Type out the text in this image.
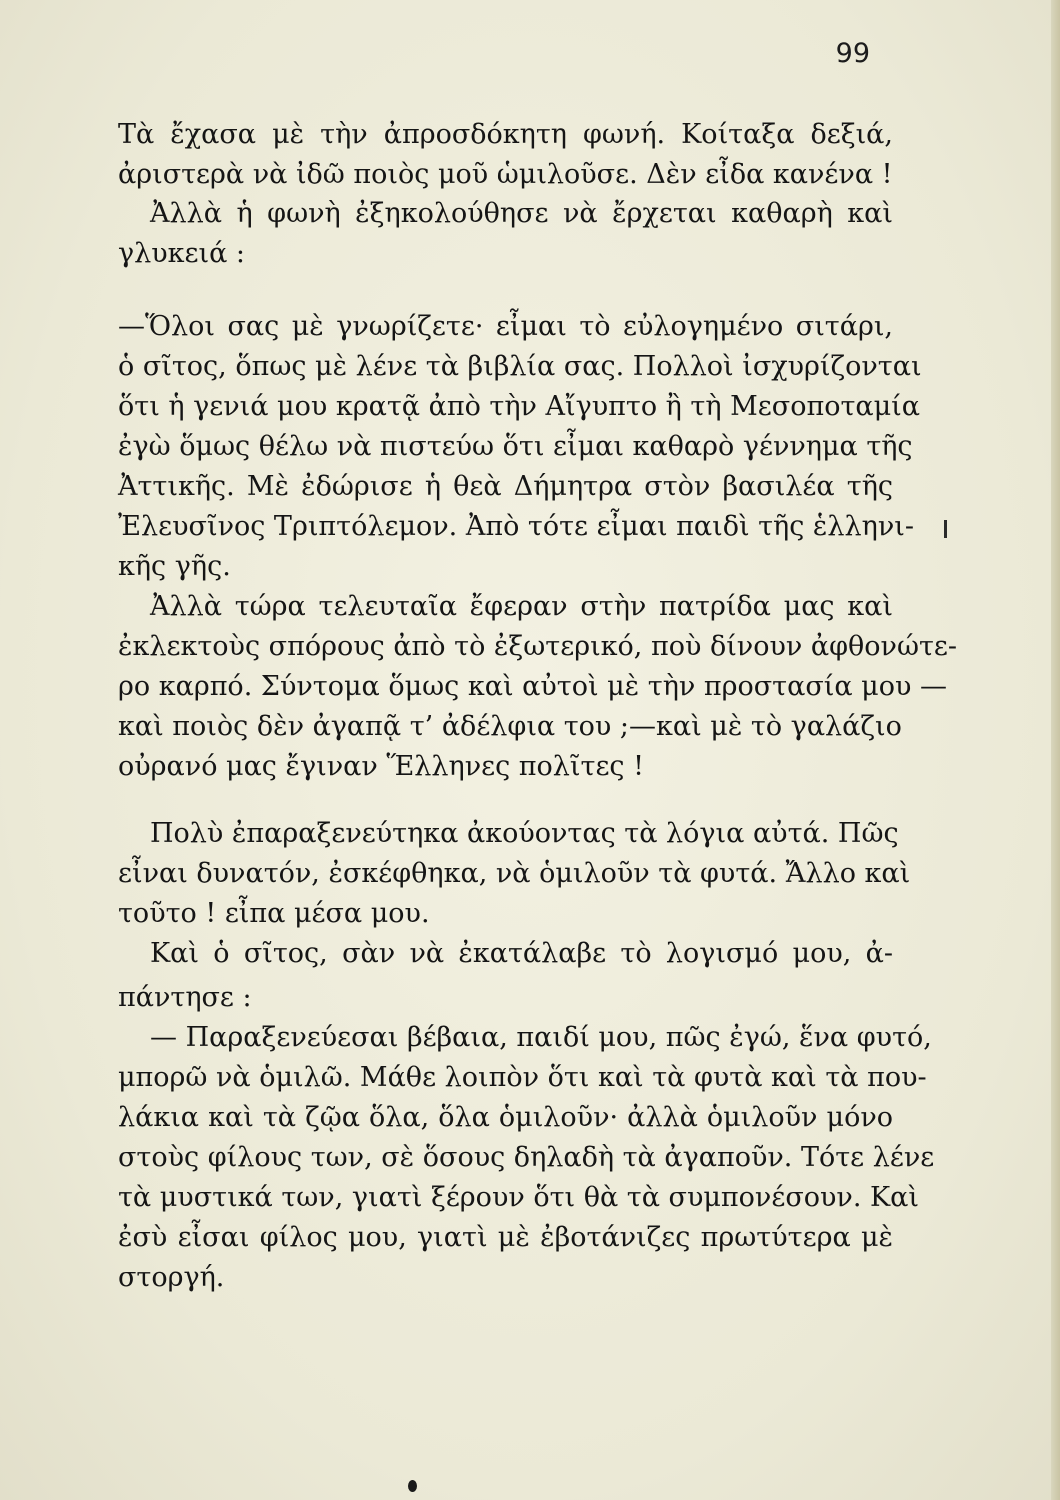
99

Τὰ ἔχασα μὲ τὴν ἀπροσδόκητη φωνή. Κοίταξα δεξιά,

ἀριστερὰ νὰ ἰδῶ ποιὸς μοῦ ὡμιλοῦσε. Δὲν εἶδα κανένα !

Ἀλλὰ ἡ φωνὴ ἐξηκολούθησε νὰ ἔρχεται καθαρὴ καὶ

γλυκειά :

—Ὅλοι σας μὲ γνωρίζετε· εἶμαι τὸ εὐλογημένο σιτάρι,

ὁ σῖτος, ὅπως μὲ λένε τὰ βιβλία σας. Πολλοὶ ἰσχυρίζονται

ὅτι ἡ γενιά μου κρατᾷ ἀπὸ τὴν Αἴγυπτο ἢ τὴ Μεσοποταμία

ἐγὼ ὅμως θέλω νὰ πιστεύω ὅτι εἶμαι καθαρὸ γέννημα τῆς

Ἀττικῆς. Μὲ ἐδώρισε ἡ θεὰ Δήμητρα στὸν βασιλέα τῆς

Ἐλευσῖνος Τριπτόλεμον. Ἀπὸ τότε εἶμαι παιδὶ τῆς ἑλληνι-

κῆς γῆς.

Ἀλλὰ τώρα τελευταῖα ἔφεραν στὴν πατρίδα μας καὶ

ἐκλεκτοὺς σπόρους ἀπὸ τὸ ἐξωτερικό, ποὺ δίνουν ἀφθονώτε-

ρο καρπό. Σύντομα ὅμως καὶ αὐτοὶ μὲ τὴν προστασία μου —

καὶ ποιὸς δὲν ἀγαπᾷ τ’ ἀδέλφια του ;—καὶ μὲ τὸ γαλάζιο

οὐρανό μας ἔγιναν Ἕλληνες πολῖτες !

Πολὺ ἐπαραξενεύτηκα ἀκούοντας τὰ λόγια αὐτά. Πῶς

εἶναι δυνατόν, ἐσκέφθηκα, νὰ ὁμιλοῦν τὰ φυτά. Ἄλλο καὶ

τοῦτο ! εἶπα μέσα μου.

Καὶ ὁ σῖτος, σὰν νὰ ἐκατάλαβε τὸ λογισμό μου, ἀ-

πάντησε :

— Παραξενεύεσαι βέβαια, παιδί μου, πῶς ἐγώ, ἕνα φυτό,

μπορῶ νὰ ὁμιλῶ. Μάθε λοιπὸν ὅτι καὶ τὰ φυτὰ καὶ τὰ που-

λάκια καὶ τὰ ζῷα ὅλα, ὅλα ὁμιλοῦν· ἀλλὰ ὁμιλοῦν μόνο

στοὺς φίλους των, σὲ ὅσους δηλαδὴ τὰ ἀγαποῦν. Τότε λένε

τὰ μυστικά των, γιατὶ ξέρουν ὅτι θὰ τὰ συμπονέσουν. Καὶ

ἐσὺ εἶσαι φίλος μου, γιατὶ μὲ ἐβοτάνιζες πρωτύτερα μὲ

στοργή.
